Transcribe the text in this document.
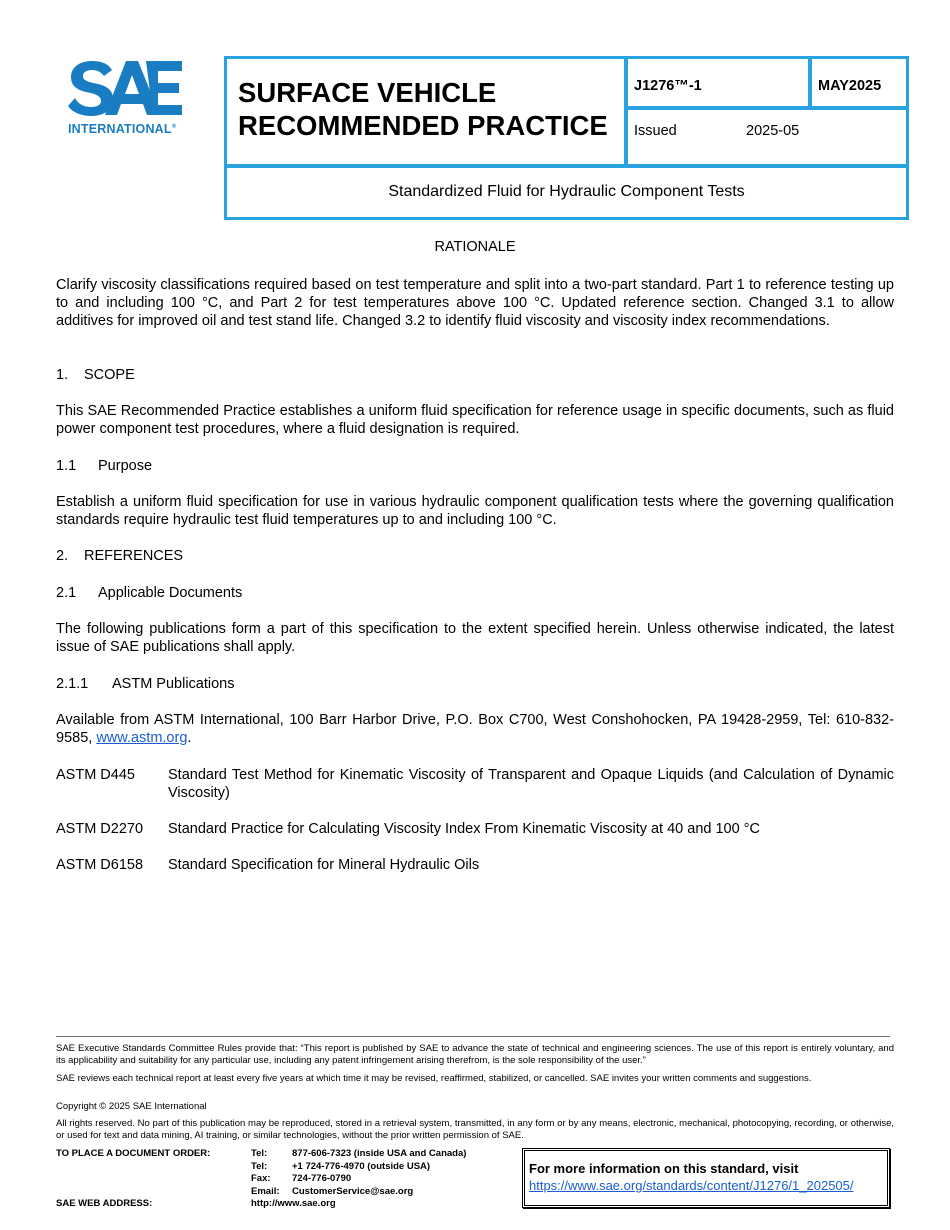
INTERNATIONAL®
SURFACE VEHICLE
RECOMMENDED PRACTICE
J1276™-1	MAY2025
Issued	2025-05
Standardized Fluid for Hydraulic Component Tests
RATIONALE
Clarify viscosity classifications required based on test temperature and split into a two-part standard. Part 1 to reference testing up to and including 100 °C, and Part 2 for test temperatures above 100 °C. Updated reference section. Changed 3.1 to allow additives for improved oil and test stand life. Changed 3.2 to identify fluid viscosity and viscosity index recommendations.
1. SCOPE
This SAE Recommended Practice establishes a uniform fluid specification for reference usage in specific documents, such as fluid power component test procedures, where a fluid designation is required.
1.1 Purpose
Establish a uniform fluid specification for use in various hydraulic component qualification tests where the governing qualification standards require hydraulic test fluid temperatures up to and including 100 °C.
2. REFERENCES
2.1 Applicable Documents
The following publications form a part of this specification to the extent specified herein. Unless otherwise indicated, the latest issue of SAE publications shall apply.
2.1.1 ASTM Publications
Available from ASTM International, 100 Barr Harbor Drive, P.O. Box C700, West Conshohocken, PA 19428-2959, Tel: 610-832-9585, www.astm.org.
ASTM D445 Standard Test Method for Kinematic Viscosity of Transparent and Opaque Liquids (and Calculation of Dynamic Viscosity)
ASTM D2270 Standard Practice for Calculating Viscosity Index From Kinematic Viscosity at 40 and 100 °C
ASTM D6158 Standard Specification for Mineral Hydraulic Oils
SAE Executive Standards Committee Rules provide that: “This report is published by SAE to advance the state of technical and engineering sciences. The use of this report is entirely voluntary, and its applicability and suitability for any particular use, including any patent infringement arising therefrom, is the sole responsibility of the user.”
SAE reviews each technical report at least every five years at which time it may be revised, reaffirmed, stabilized, or cancelled. SAE invites your written comments and suggestions.
Copyright © 2025 SAE International
All rights reserved. No part of this publication may be reproduced, stored in a retrieval system, transmitted, in any form or by any means, electronic, mechanical, photocopying, recording, or otherwise, or used for text and data mining, AI training, or similar technologies, without the prior written permission of SAE.
TO PLACE A DOCUMENT ORDER:	Tel:	877-606-7323 (inside USA and Canada)
Tel:	+1 724-776-4970 (outside USA)
Fax: 724-776-0790
Email: CustomerService@sae.org
SAE WEB ADDRESS:	http://www.sae.org
For more information on this standard, visit
https://www.sae.org/standards/content/J1276/1_202505/
